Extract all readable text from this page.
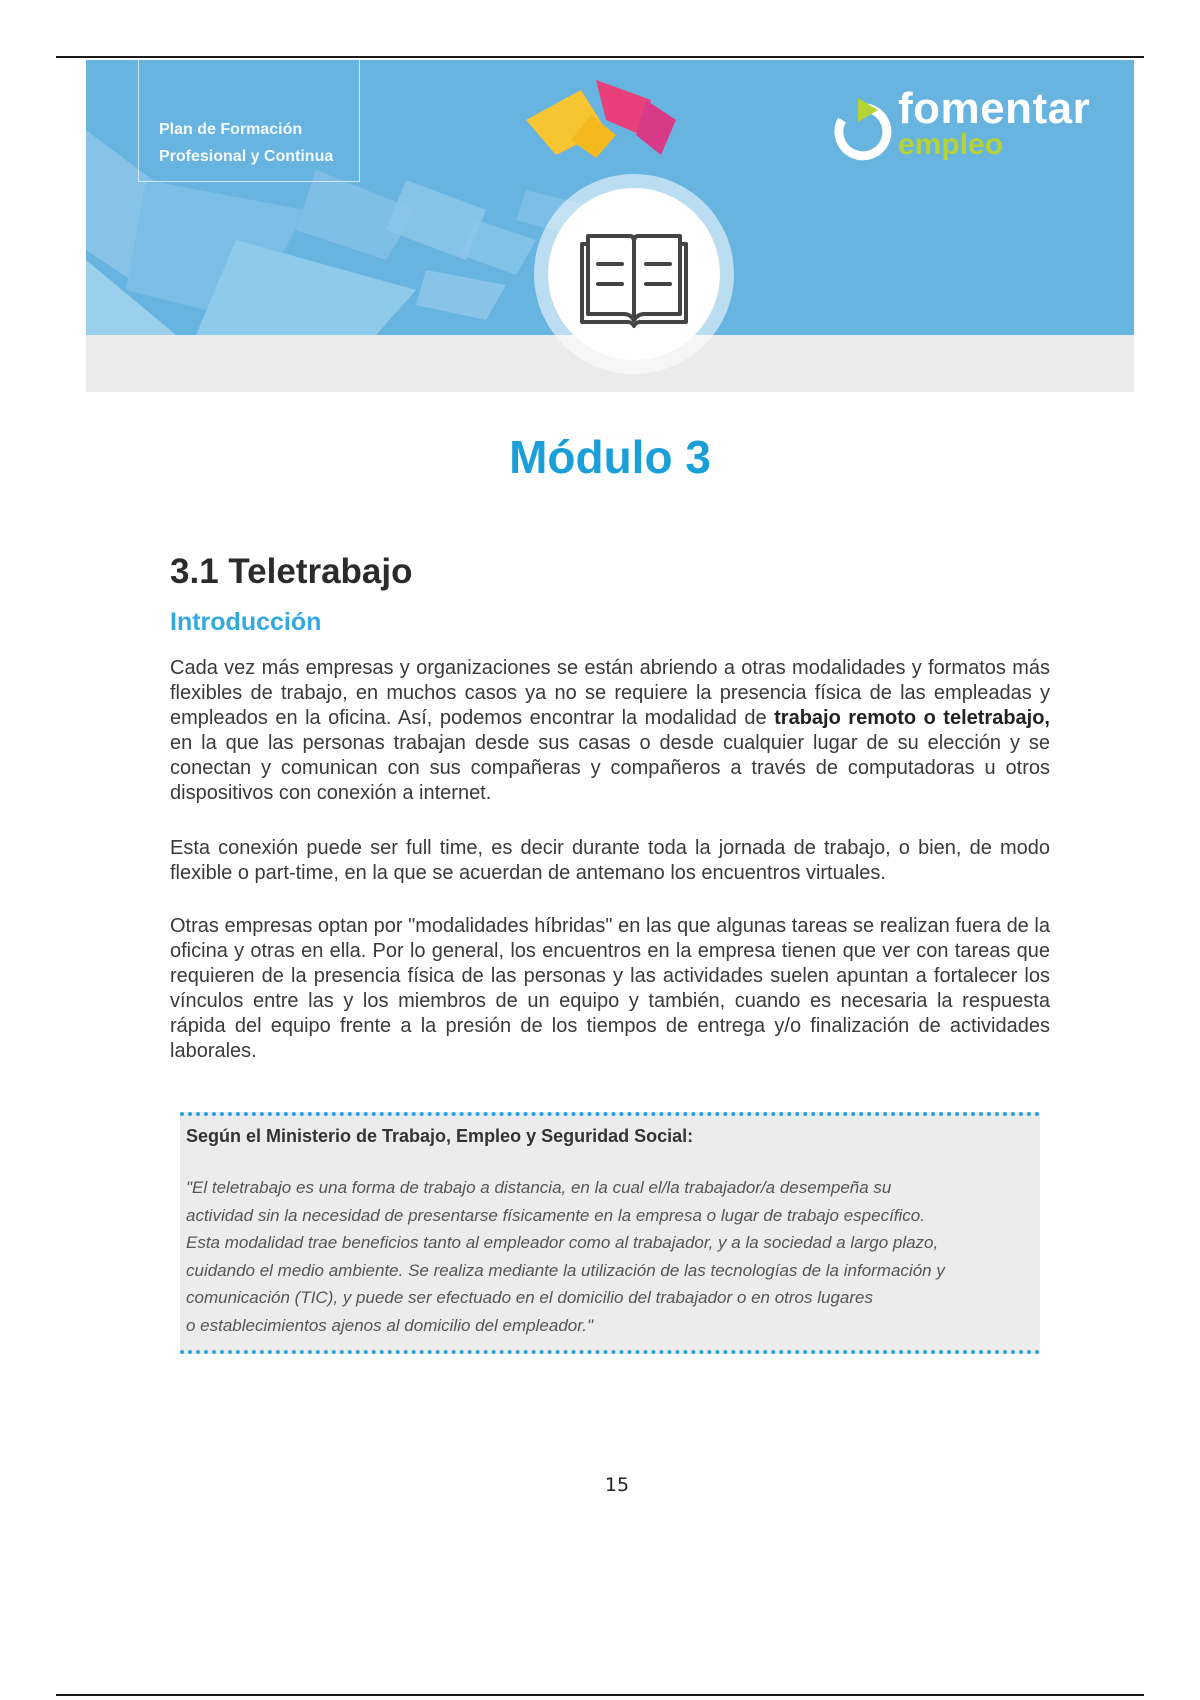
Plan de Formación
Profesional y Continua
fomentar
empleo
Módulo 3
3.1 Teletrabajo
Introducción
Cada vez más empresas y organizaciones se están abriendo a otras modalidades y formatos más flexibles de trabajo, en muchos casos ya no se requiere la presencia física de las empleadas y empleados en la oficina. Así, podemos encontrar la modalidad de trabajo remoto o teletrabajo, en la que las personas trabajan desde sus casas o desde cualquier lugar de su elección y se conectan y comunican con sus compañeras y compañeros a través de computadoras u otros dispositivos con conexión a internet.
Esta conexión puede ser full time, es decir durante toda la jornada de trabajo, o bien, de modo flexible o part-time, en la que se acuerdan de antemano los encuentros virtuales.
Otras empresas optan por "modalidades híbridas" en las que algunas tareas se realizan fuera de la oficina y otras en ella. Por lo general, los encuentros en la empresa tienen que ver con tareas que requieren de la presencia física de las personas y las actividades suelen apuntan a fortalecer los vínculos entre las y los miembros de un equipo y también, cuando es necesaria la respuesta rápida del equipo frente a la presión de los tiempos de entrega y/o finalización de actividades laborales.
Según el Ministerio de Trabajo, Empleo y Seguridad Social:
"El teletrabajo es una forma de trabajo a distancia, en la cual el/la trabajador/a desempeña su
actividad sin la necesidad de presentarse físicamente en la empresa o lugar de trabajo específico.
Esta modalidad trae beneficios tanto al empleador como al trabajador, y a la sociedad a largo plazo,
cuidando el medio ambiente. Se realiza mediante la utilización de las tecnologías de la información y
comunicación (TIC), y puede ser efectuado en el domicilio del trabajador o en otros lugares
o establecimientos ajenos al domicilio del empleador."
15
